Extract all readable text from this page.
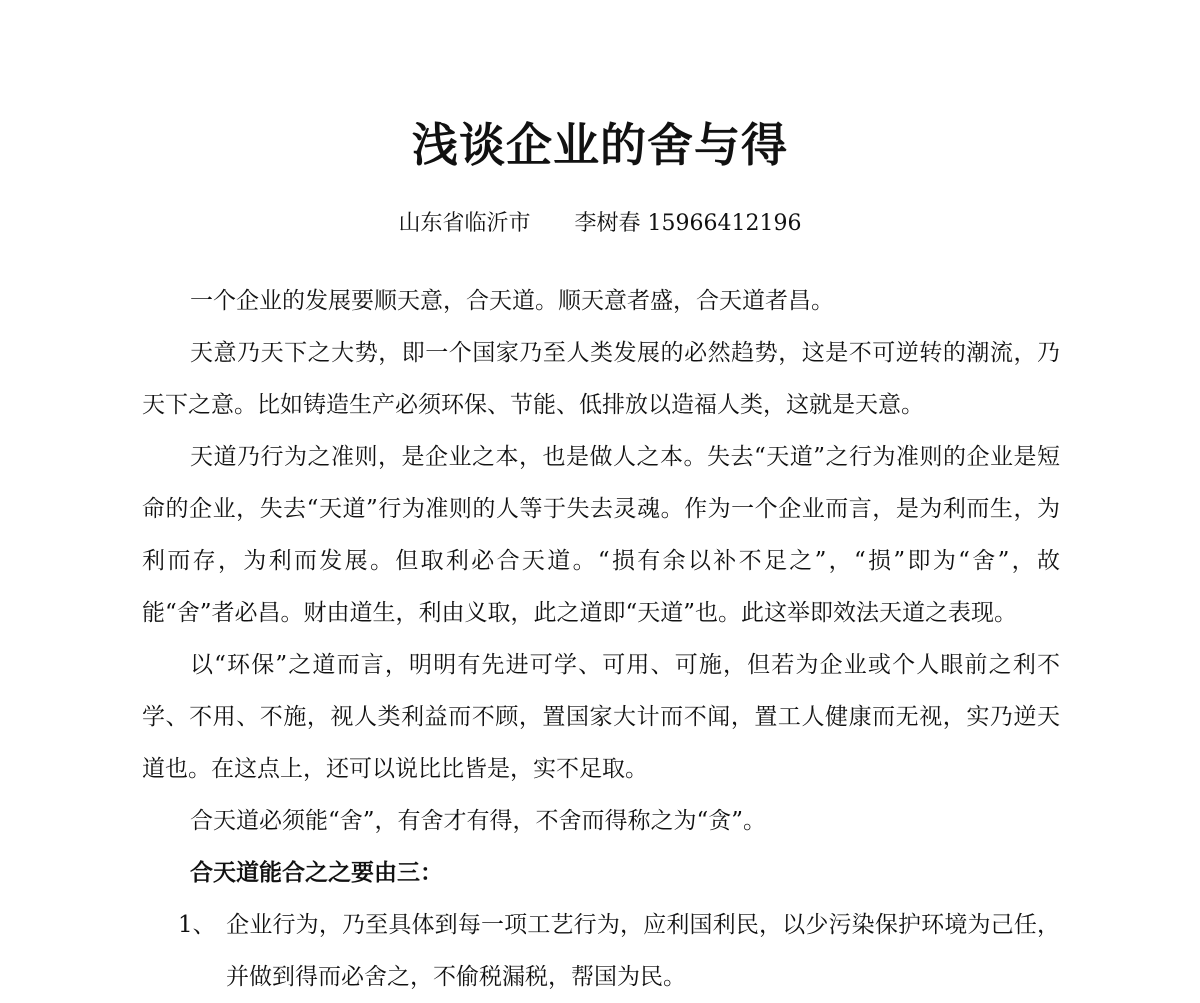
浅谈企业的舍与得
山东省临沂市 李树春 15966412196

一个企业的发展要顺天意，合天道。顺天意者盛，合天道者昌。

天意乃天下之大势，即一个国家乃至人类发展的必然趋势，这是不可逆转的潮流，乃天下之意。比如铸造生产必须环保、节能、低排放以造福人类，这就是天意。

天道乃行为之准则，是企业之本，也是做人之本。失去“天道”之行为准则的企业是短命的企业，失去“天道”行为准则的人等于失去灵魂。作为一个企业而言，是为利而生，为利而存，为利而发展。但取利必合天道。“损有余以补不足之”，“损”即为“舍”，故能“舍”者必昌。财由道生，利由义取，此之道即“天道”也。此这举即效法天道之表现。

以“环保”之道而言，明明有先进可学、可用、可施，但若为企业或个人眼前之利不学、不用、不施，视人类利益而不顾，置国家大计而不闻，置工人健康而无视，实乃逆天道也。在这点上，还可以说比比皆是，实不足取。

合天道必须能“舍”，有舍才有得，不舍而得称之为“贪”。

合天道能合之之要由三：

1、 企业行为，乃至具体到每一项工艺行为，应利国利民，以少污染保护环境为己任，并做到得而必舍之，不偷税漏税，帮国为民。
